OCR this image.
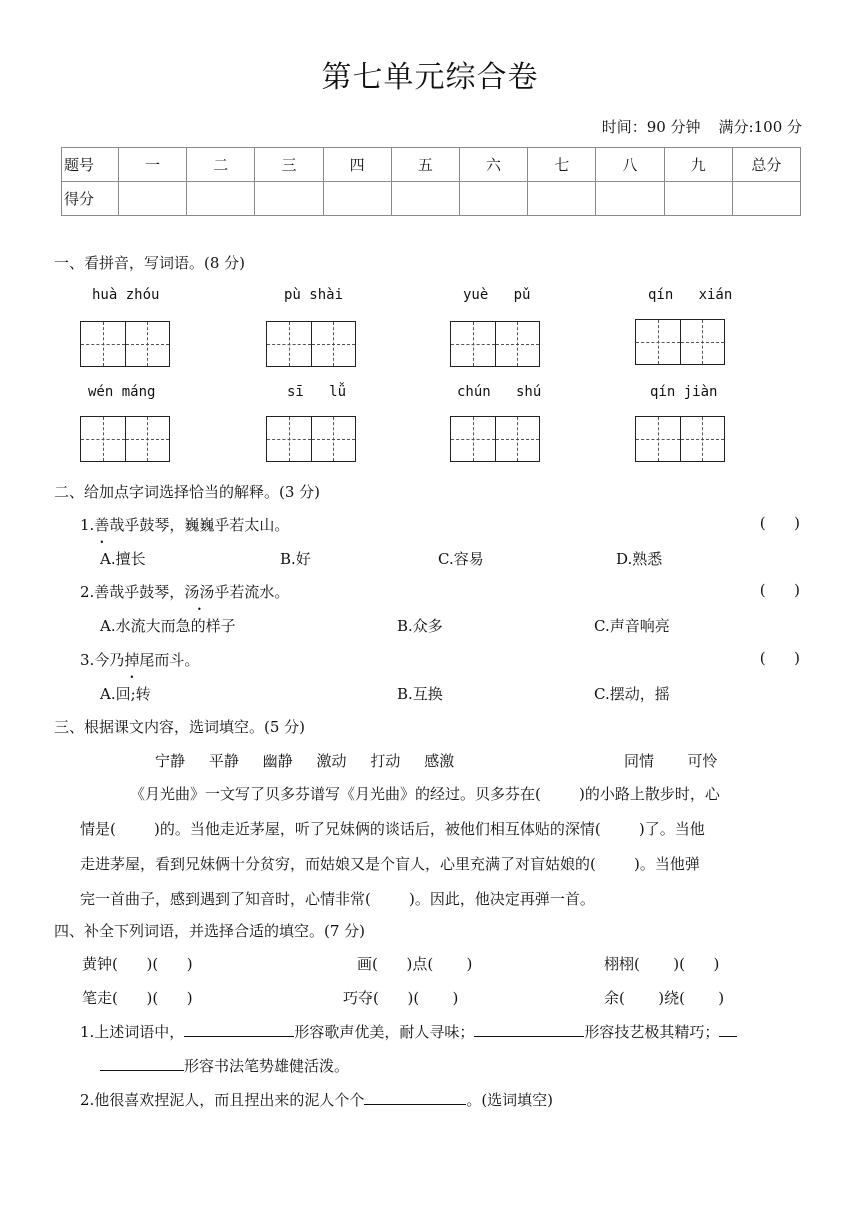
第七单元综合卷
时间：90 分钟 满分:100 分
题号	一	二	三	四	五	六	七	八	九	总分
得分										
一、看拼音，写词语。(8 分)
huà zhóu	pù shài	yuè   pǔ	qín   xián
wén máng	sī   lǚ	chún   shú	qín jiàn
二、给加点字词选择恰当的解释。(3 分)
1.善哉乎鼓琴，巍巍乎若太山。	(      )
A.擅长	B.好	C.容易	D.熟悉
2.善哉乎鼓琴，汤汤乎若流水。	(      )
A.水流大而急的样子	B.众多	C.声音响亮
3.今乃掉尾而斗。	(      )
A.回;转	B.互换	C.摆动，摇
三、根据课文内容，选词填空。(5 分)
宁静     平静     幽静     激动     打动     感激	同情       可怜
《月光曲》一文写了贝多芬谱写《月光曲》的经过。贝多芬在(        )的小路上散步时，心
情是(        )的。当他走近茅屋，听了兄妹俩的谈话后，被他们相互体贴的深情(        )了。当他
走进茅屋，看到兄妹俩十分贫穷，而姑娘又是个盲人，心里充满了对盲姑娘的(        )。当他弹
完一首曲子，感到遇到了知音时，心情非常(        )。因此，他决定再弹一首。
四、补全下列词语，并选择合适的填空。(7 分)
黄钟(      )(      )	画(      )点(       )	栩栩(       )(      )
笔走(      )(      )	巧夺(      )(       )	余(       )绕(       )
1.上述词语中，	形容歌声优美，耐人寻味；	形容技艺极其精巧；
形容书法笔势雄健活泼。
2.他很喜欢捏泥人，而且捏出来的泥人个个	。(选词填空)
